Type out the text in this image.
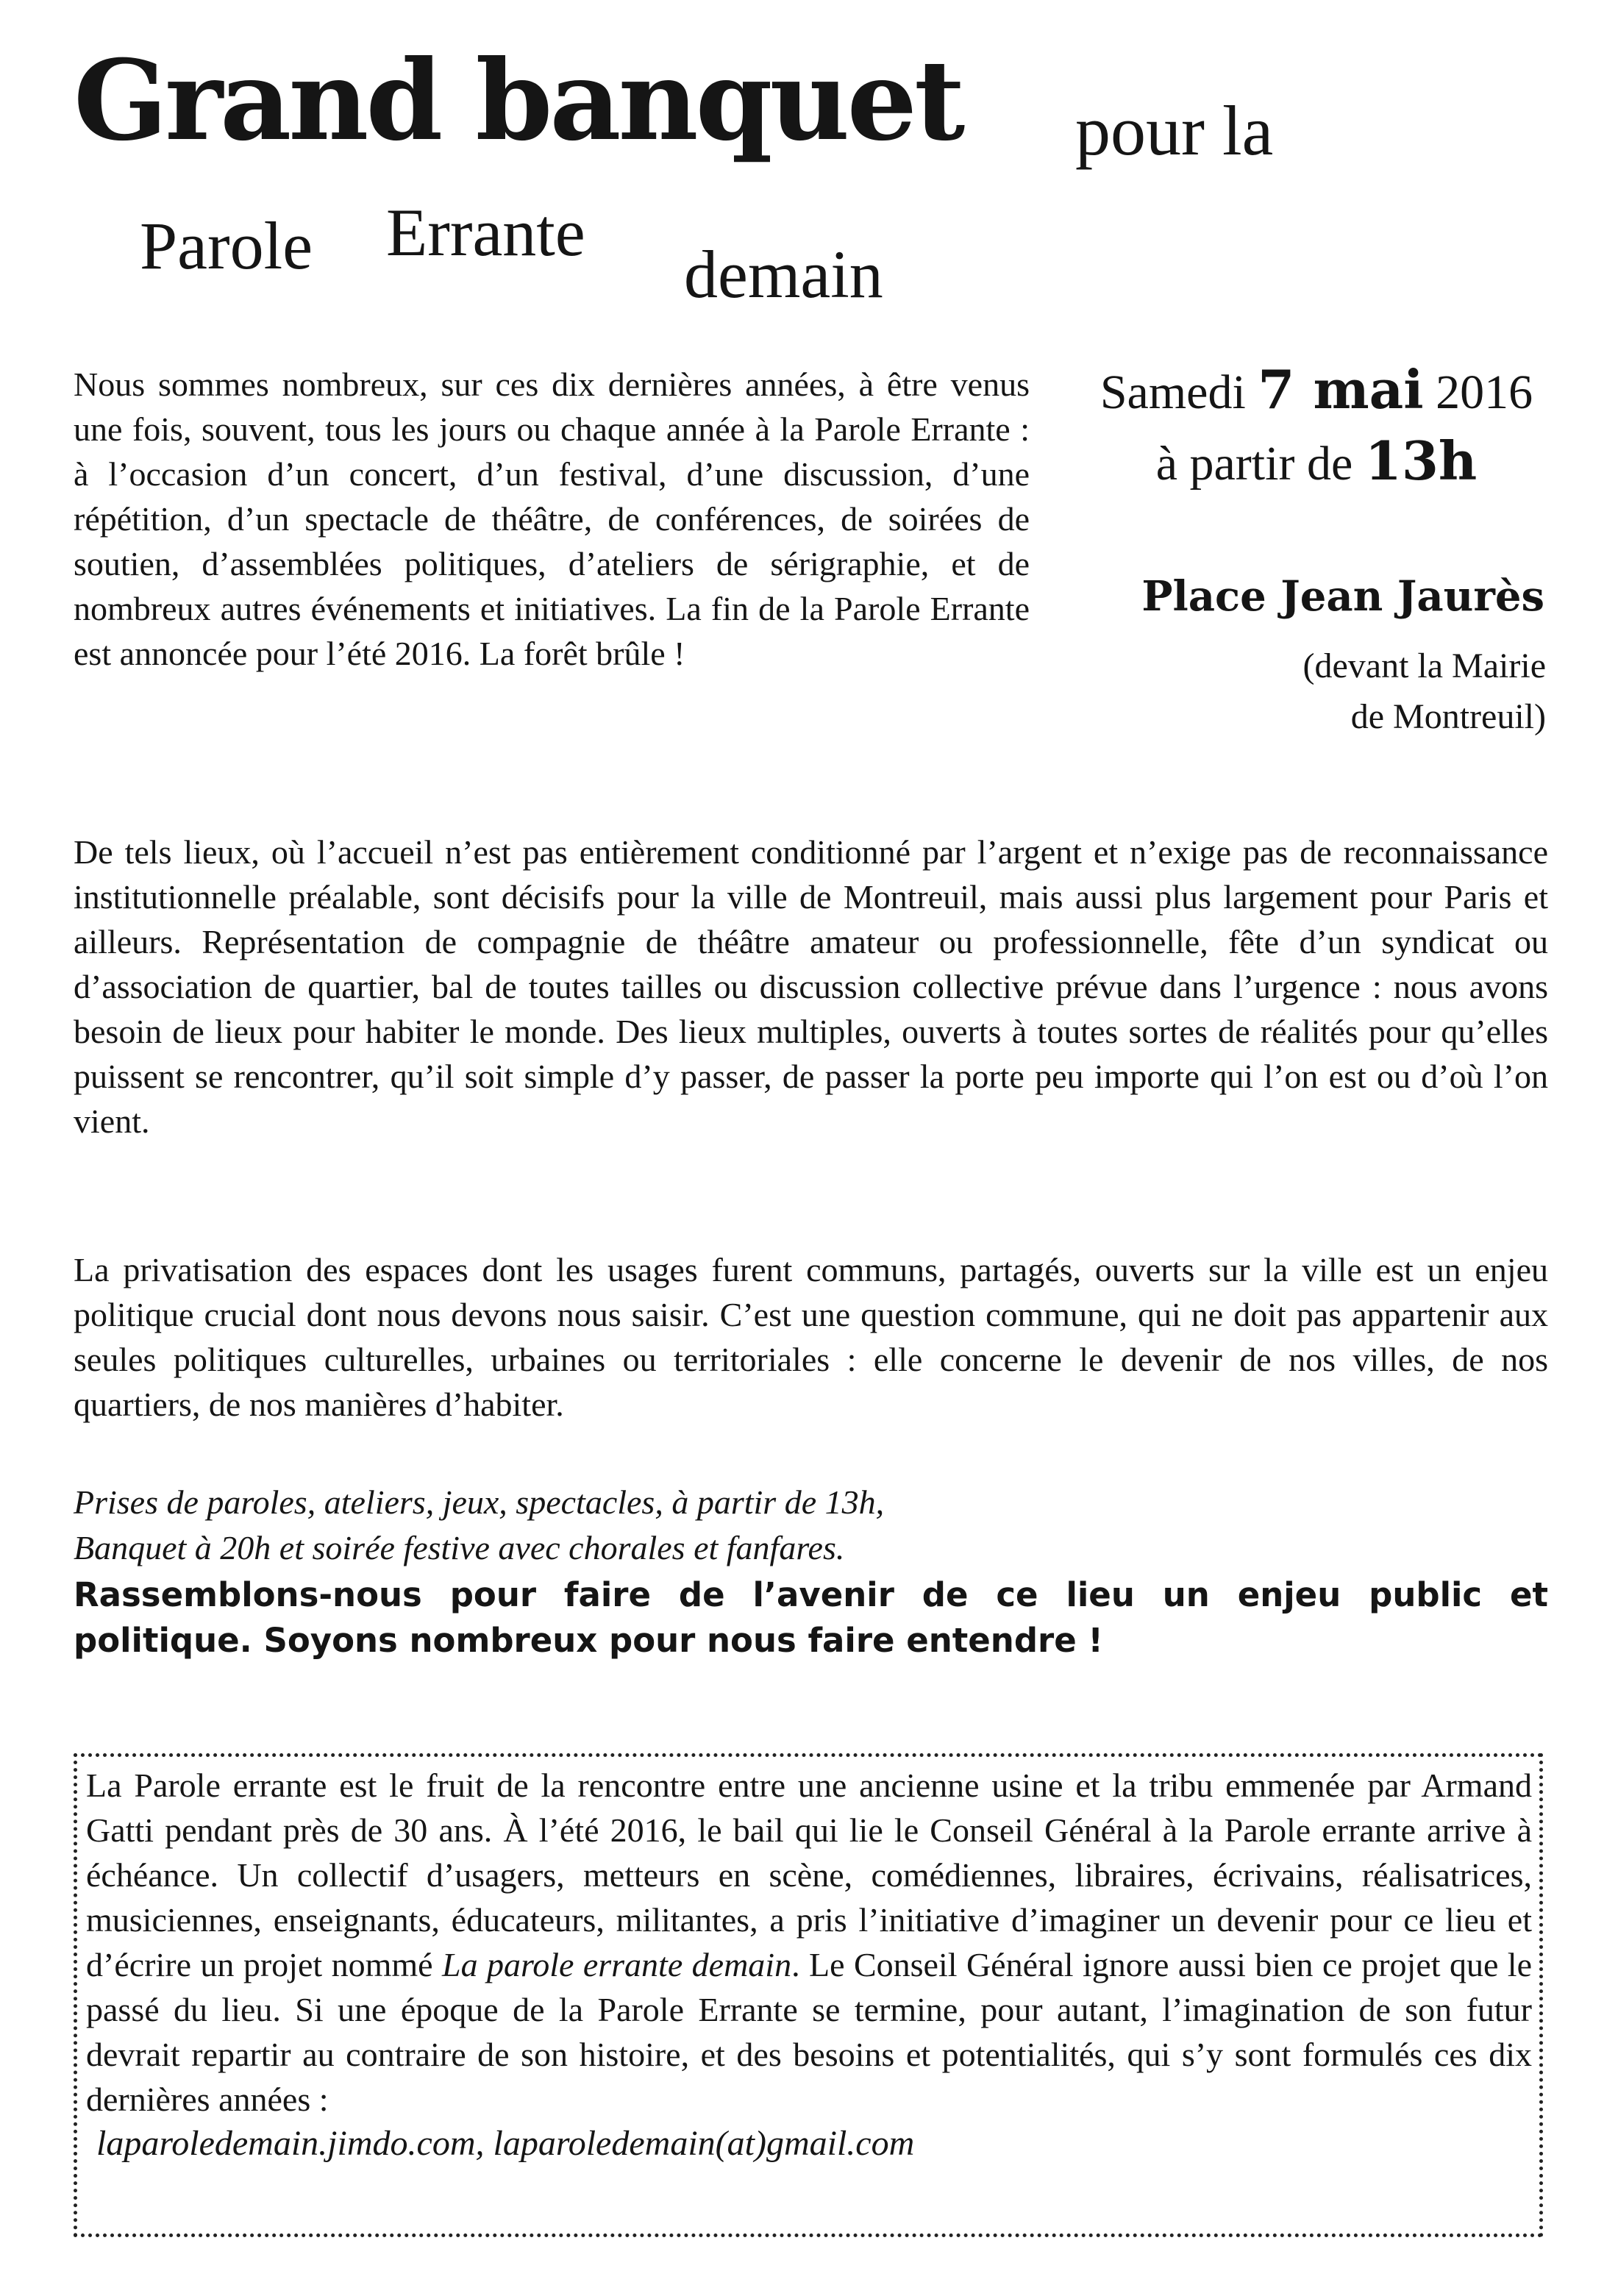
Grand banquet pour la
Parole Errante
demain

Nous sommes nombreux, sur ces dix dernières années, à être venus une fois, souvent, tous les jours ou chaque année à la Parole Errante : à l’occasion d’un concert, d’un festival, d’une discussion, d’une répétition, d’un spectacle de théâtre, de conférences, de soirées de soutien, d’assemblées politiques, d’ateliers de sérigraphie, et de nombreux autres événements et initiatives. La fin de la Parole Errante est annoncée pour l’été 2016. La forêt brûle !

Samedi 7 mai 2016
à partir de 13h
Place Jean Jaurès
(devant la Mairie
de Montreuil)

De tels lieux, où l’accueil n’est pas entièrement conditionné par l’argent et n’exige pas de reconnaissance institutionnelle préalable, sont décisifs pour la ville de Montreuil, mais aussi plus largement pour Paris et ailleurs. Représentation de compagnie de théâtre amateur ou professionnelle, fête d’un syndicat ou d’association de quartier, bal de toutes tailles ou discussion collective prévue dans l’urgence : nous avons besoin de lieux pour habiter le monde. Des lieux multiples, ouverts à toutes sortes de réalités pour qu’elles puissent se rencontrer, qu’il soit simple d’y passer, de passer la porte peu importe qui l’on est ou d’où l’on vient.

La privatisation des espaces dont les usages furent communs, partagés, ouverts sur la ville est un enjeu politique crucial dont nous devons nous saisir. C’est une question commune, qui ne doit pas appartenir aux seules politiques culturelles, urbaines ou territoriales : elle concerne le devenir de nos villes, de nos quartiers, de nos manières d’habiter.

Prises de paroles, ateliers, jeux, spectacles, à partir de 13h,
Banquet à 20h et soirée festive avec chorales et fanfares.

Rassemblons-nous pour faire de l’avenir de ce lieu un enjeu public et politique. Soyons nombreux pour nous faire entendre !

La Parole errante est le fruit de la rencontre entre une ancienne usine et la tribu emmenée par Armand Gatti pendant près de 30 ans. À l’été 2016, le bail qui lie le Conseil Général à la Parole errante arrive à échéance. Un collectif d’usagers, metteurs en scène, comédiennes, libraires, écrivains, réalisatrices, musiciennes, enseignants, éducateurs, militantes, a pris l’initiative d’imaginer un devenir pour ce lieu et d’écrire un projet nommé La parole errante demain. Le Conseil Général ignore aussi bien ce projet que le passé du lieu. Si une époque de la Parole Errante se termine, pour autant, l’imagination de son futur devrait repartir au contraire de son histoire, et des besoins et potentialités, qui s’y sont formulés ces dix dernières années :

laparoledemain.jimdo.com, laparoledemain(at)gmail.com
